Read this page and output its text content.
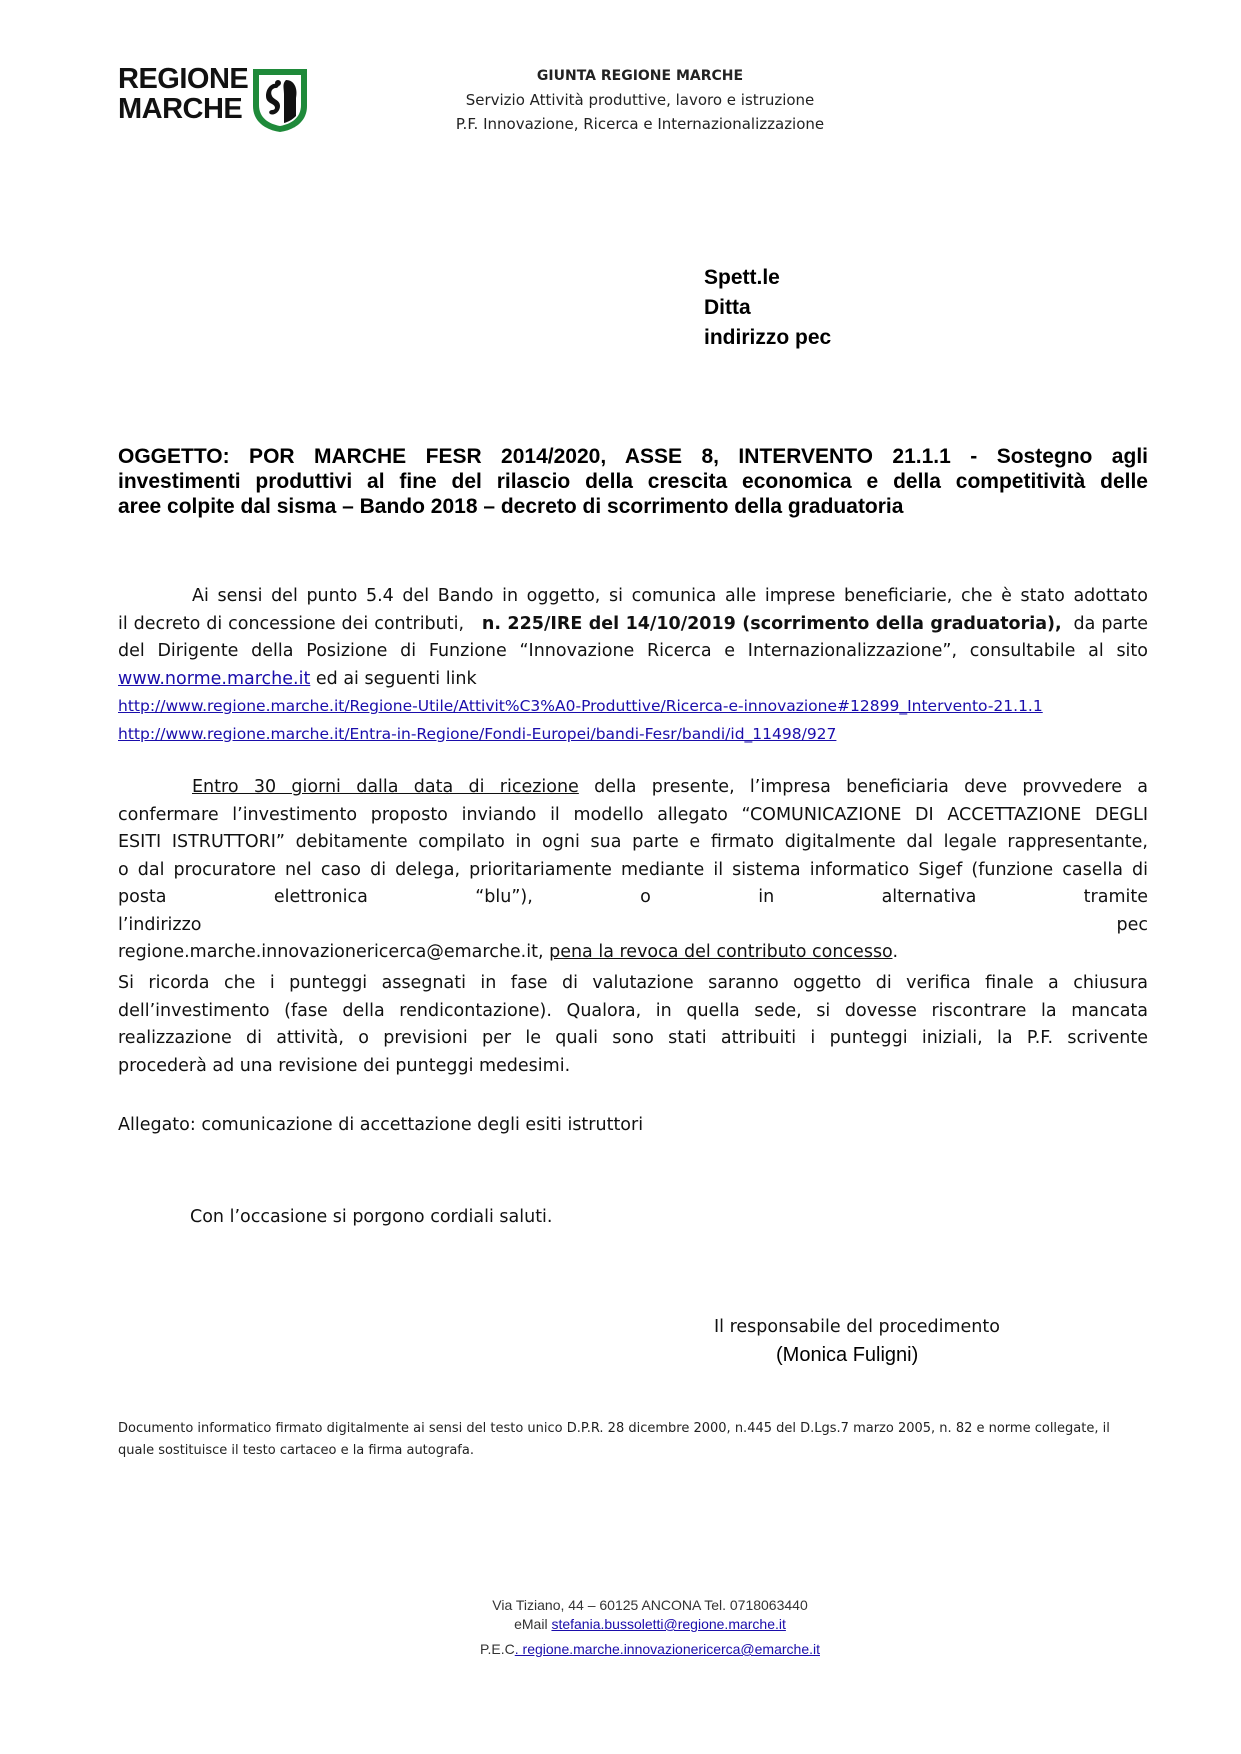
REGIONE
MARCHE
GIUNTA REGIONE MARCHE
Servizio Attività produttive, lavoro e istruzione
P.F. Innovazione, Ricerca e Internazionalizzazione
Spett.le
Ditta
indirizzo pec
OGGETTO: POR MARCHE FESR 2014/2020, ASSE 8, INTERVENTO 21.1.1 - Sostegno agli
investimenti produttivi al fine del rilascio della crescita economica e della competitività delle
aree colpite dal sisma – Bando 2018 – decreto di scorrimento della graduatoria
Ai sensi del punto 5.4 del Bando in oggetto, si comunica alle imprese beneficiarie, che è stato adottato
il decreto di concessione dei contributi, n. 225/IRE del 14/10/2019 (scorrimento della graduatoria), da parte
del Dirigente della Posizione di Funzione “Innovazione Ricerca e Internazionalizzazione”, consultabile al sito
www.norme.marche.it ed ai seguenti link
http://www.regione.marche.it/Regione-Utile/Attivit%C3%A0-Produttive/Ricerca-e-innovazione#12899_Intervento-21.1.1
http://www.regione.marche.it/Entra-in-Regione/Fondi-Europei/bandi-Fesr/bandi/id_11498/927
Entro 30 giorni dalla data di ricezione della presente, l’impresa beneficiaria deve provvedere a
confermare l’investimento proposto inviando il modello allegato “COMUNICAZIONE DI ACCETTAZIONE DEGLI
ESITI ISTRUTTORI” debitamente compilato in ogni sua parte e firmato digitalmente dal legale rappresentante,
o dal procuratore nel caso di delega, prioritariamente mediante il sistema informatico Sigef (funzione casella di
posta elettronica “blu”), o in alternativa tramite l’indirizzo pec
regione.marche.innovazionericerca@emarche.it, pena la revoca del contributo concesso.
Si ricorda che i punteggi assegnati in fase di valutazione saranno oggetto di verifica finale a chiusura
dell’investimento (fase della rendicontazione). Qualora, in quella sede, si dovesse riscontrare la mancata
realizzazione di attività, o previsioni per le quali sono stati attribuiti i punteggi iniziali, la P.F. scrivente
procederà ad una revisione dei punteggi medesimi.
Allegato: comunicazione di accettazione degli esiti istruttori
Con l’occasione si porgono cordiali saluti.
Il responsabile del procedimento
(Monica Fuligni)
Documento informatico firmato digitalmente ai sensi del testo unico D.P.R. 28 dicembre 2000, n.445 del D.Lgs.7 marzo 2005, n. 82 e norme collegate, il
quale sostituisce il testo cartaceo e la firma autografa.
Via Tiziano, 44 – 60125 ANCONA Tel. 0718063440
eMail stefania.bussoletti@regione.marche.it
P.E.C. regione.marche.innovazionericerca@emarche.it
